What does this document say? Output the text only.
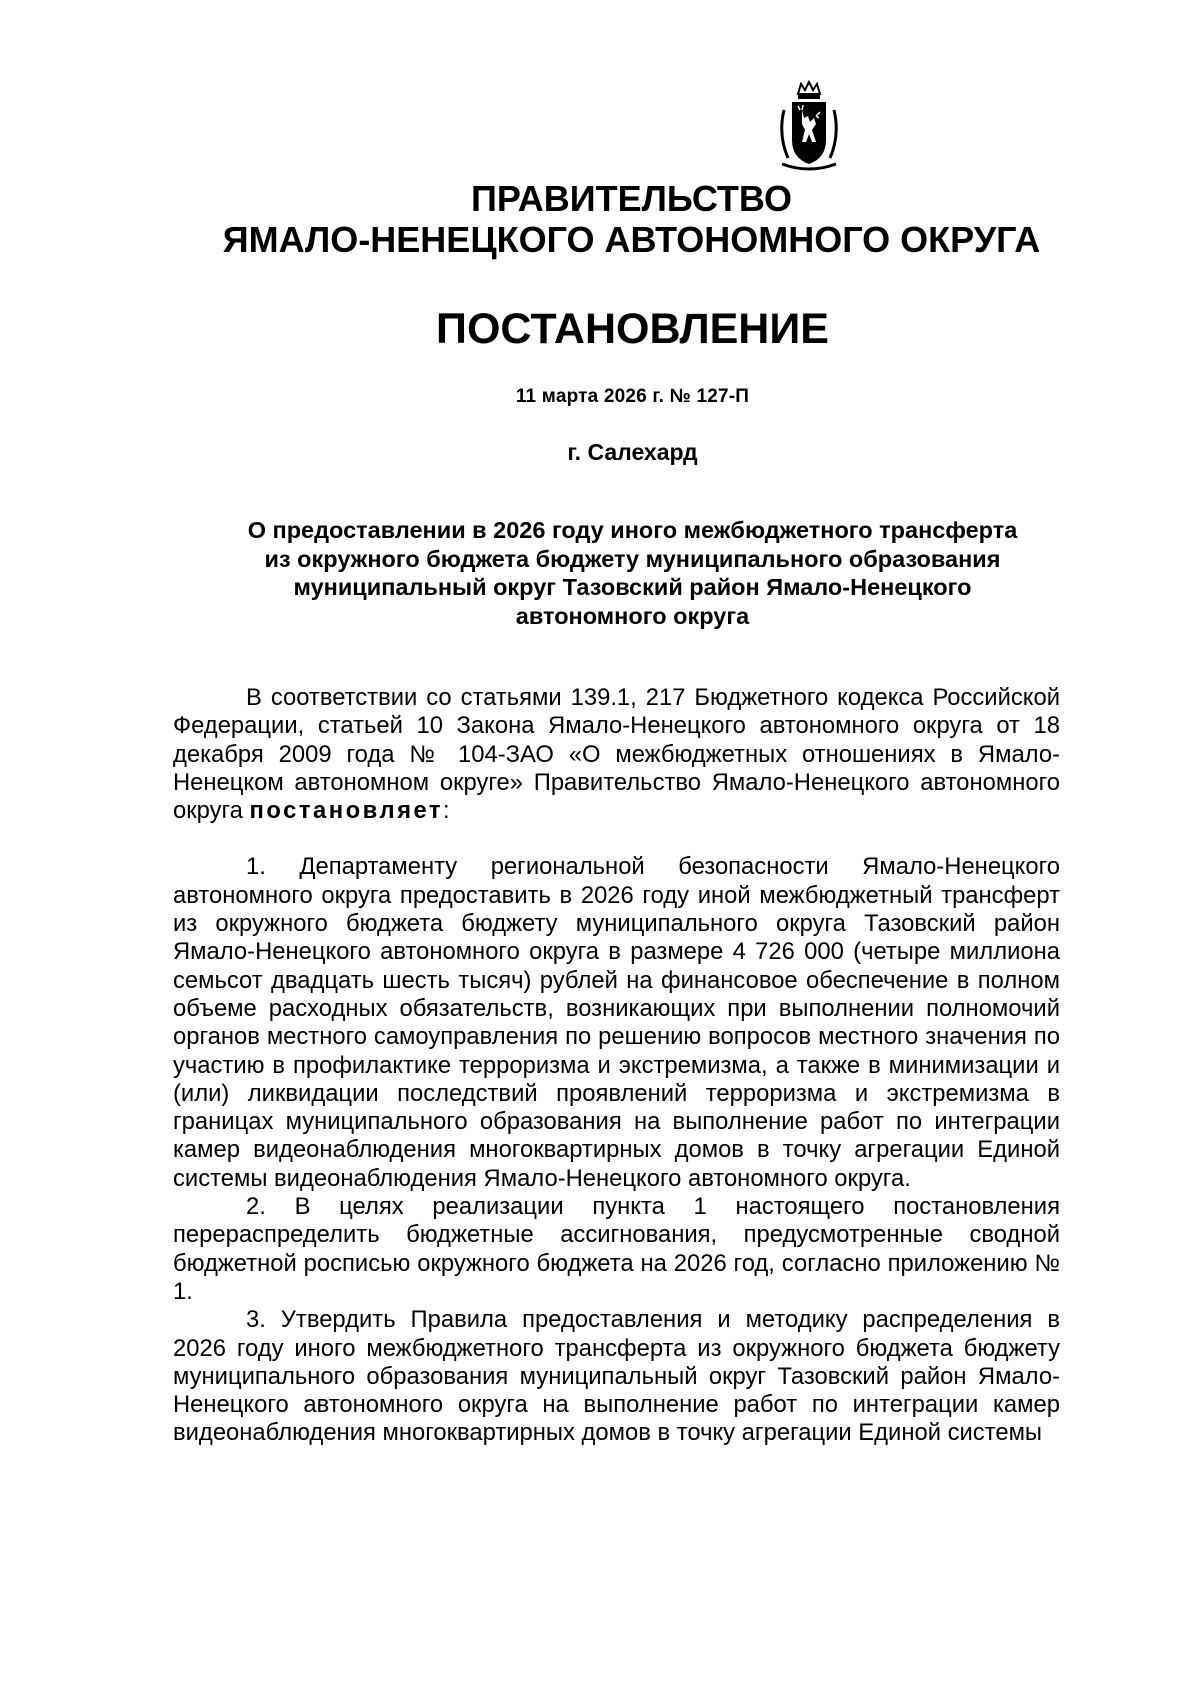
ПРАВИТЕЛЬСТВО
ЯМАЛО-НЕНЕЦКОГО АВТОНОМНОГО ОКРУГА
ПОСТАНОВЛЕНИЕ
11 марта 2026 г. № 127-П
г. Салехард
О предоставлении в 2026 году иного межбюджетного трансферта
из окружного бюджета бюджету муниципального образования
муниципальный округ Тазовский район Ямало-Ненецкого
автономного округа

В соответствии со статьями 139.1, 217 Бюджетного кодекса Российской Федерации, статьей 10 Закона Ямало-Ненецкого автономного округа от 18 декабря 2009 года № 104-ЗАО «О межбюджетных отношениях в Ямало-Ненецком автономном округе» Правительство Ямало-Ненецкого автономного округа постановляет:

1. Департаменту региональной безопасности Ямало-Ненецкого автономного округа предоставить в 2026 году иной межбюджетный трансферт из окружного бюджета бюджету муниципального округа Тазовский район Ямало-Ненецкого автономного округа в размере 4 726 000 (четыре миллиона семьсот двадцать шесть тысяч) рублей на финансовое обеспечение в полном объеме расходных обязательств, возникающих при выполнении полномочий органов местного самоуправления по решению вопросов местного значения по участию в профилактике терроризма и экстремизма, а также в минимизации и (или) ликвидации последствий проявлений терроризма и экстремизма в границах муниципального образования на выполнение работ по интеграции камер видеонаблюдения многоквартирных домов в точку агрегации Единой системы видеонаблюдения Ямало-Ненецкого автономного округа.

2. В целях реализации пункта 1 настоящего постановления перераспределить бюджетные ассигнования, предусмотренные сводной бюджетной росписью окружного бюджета на 2026 год, согласно приложению № 1.

3. Утвердить Правила предоставления и методику распределения в 2026 году иного межбюджетного трансферта из окружного бюджета бюджету муниципального образования муниципальный округ Тазовский район Ямало-Ненецкого автономного округа на выполнение работ по интеграции камер видеонаблюдения многоквартирных домов в точку агрегации Единой системы
